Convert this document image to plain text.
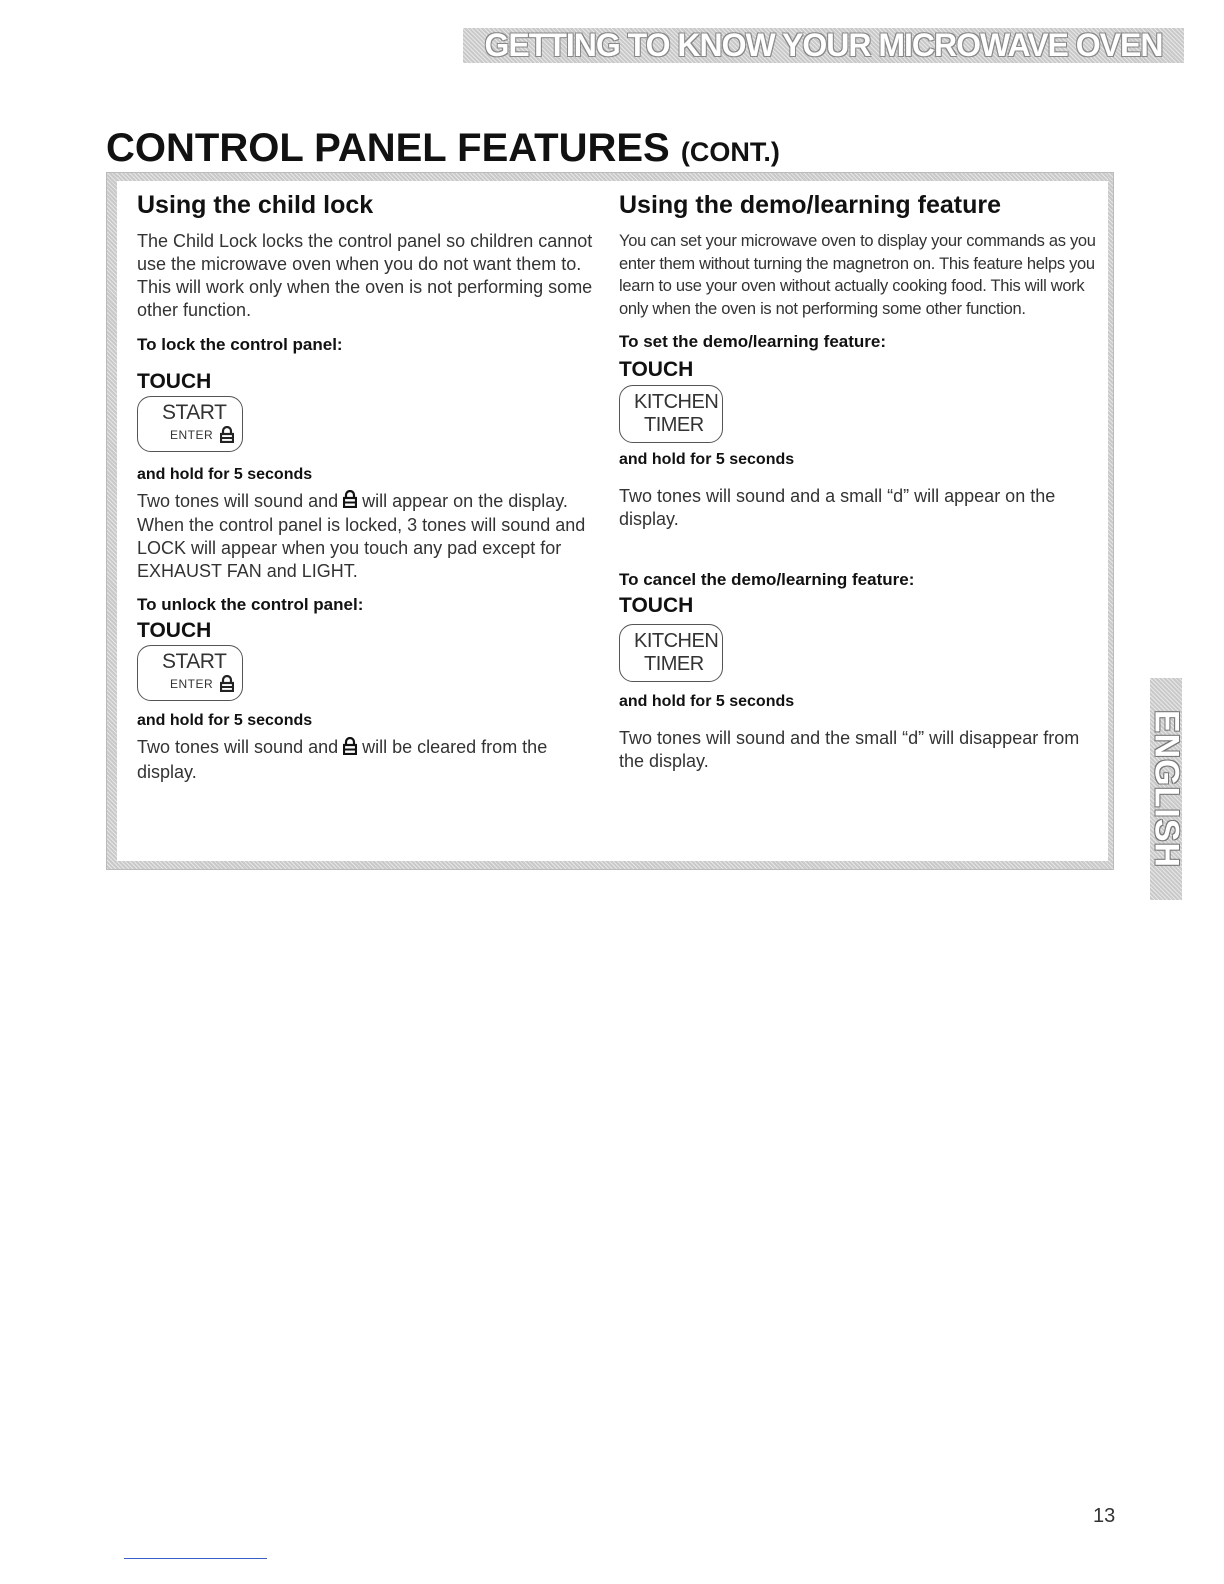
GETTING TO KNOW YOUR MICROWAVE OVEN
CONTROL PANEL FEATURES (CONT.)
Using the child lock

The Child Lock locks the control panel so children cannot use the microwave oven when you do not want them to. This will work only when the oven is not performing some other function.

To lock the control panel:
TOUCH
START
ENTER
and hold for 5 seconds

Two tones will sound and  will appear on the display. When the control panel is locked, 3 tones will sound and LOCK will appear when you touch any pad except for EXHAUST FAN and LIGHT.

To unlock the control panel:
TOUCH
START
ENTER
and hold for 5 seconds

Two tones will sound and  will be cleared from the display.

Using the demo/learning feature

You can set your microwave oven to display your commands as you enter them without turning the magnetron on. This feature helps you learn to use your oven without actually cooking food. This will work only when the oven is not performing some other function.

To set the demo/learning feature:
TOUCH
KITCHEN
TIMER
and hold for 5 seconds

Two tones will sound and a small “d” will appear on the display.

To cancel the demo/learning feature:
TOUCH
KITCHEN
TIMER
and hold for 5 seconds

Two tones will sound and the small “d” will disappear from the display.	ENGLISH
13
